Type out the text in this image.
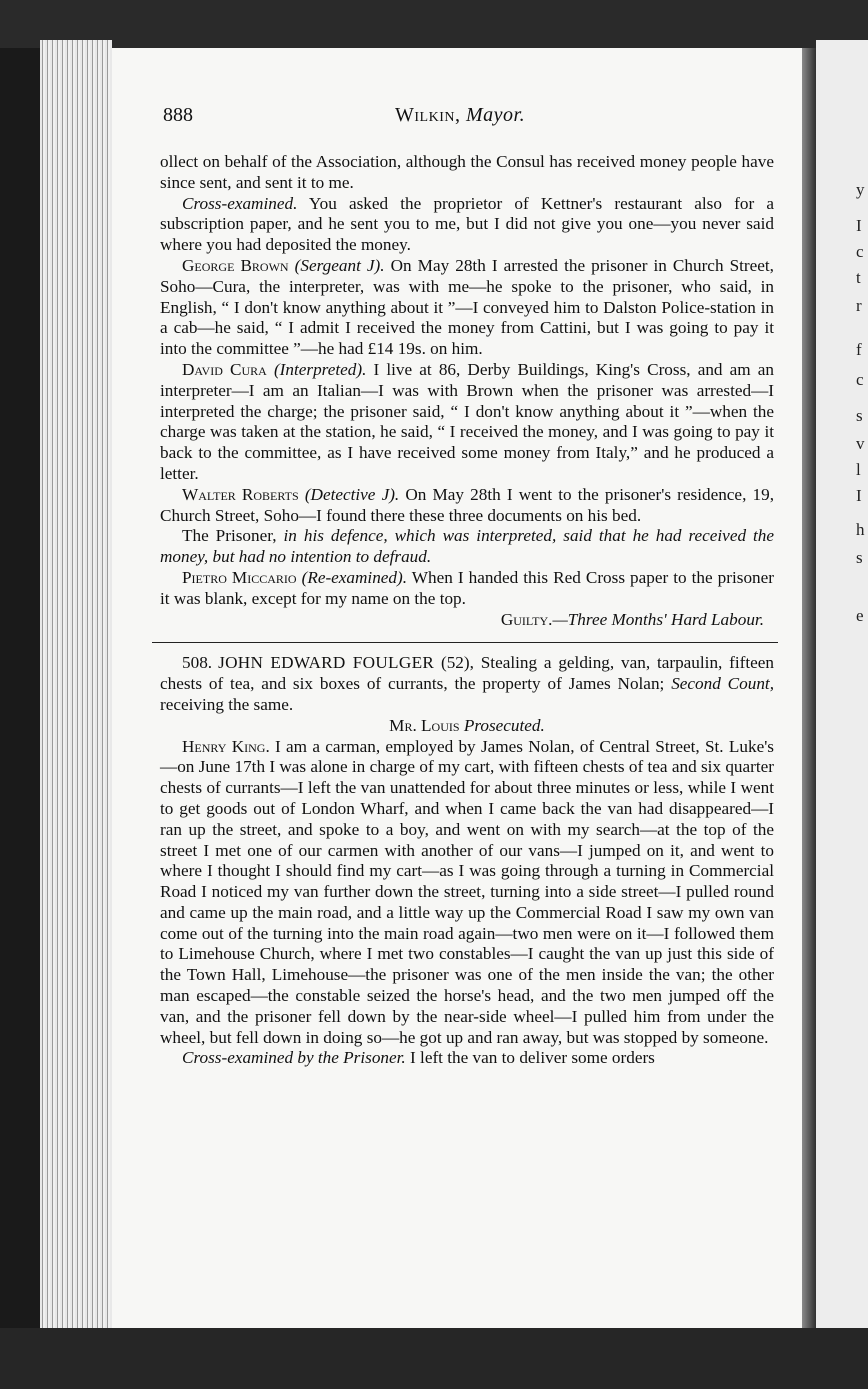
y
I
c
t
r
f
c
s
v
l
I
h
s
e
888	Wilkin, Mayor.

ollect on behalf of the Association, although the Consul has received money people have since sent, and sent it to me.

Cross-examined. You asked the proprietor of Kettner's restaurant also for a subscription paper, and he sent you to me, but I did not give you one—you never said where you had deposited the money.

George Brown (Sergeant J). On May 28th I arrested the prisoner in Church Street, Soho—Cura, the interpreter, was with me—he spoke to the prisoner, who said, in English, “ I don't know anything about it ”—I conveyed him to Dalston Police-station in a cab—he said, “ I admit I received the money from Cattini, but I was going to pay it into the committee ”—he had £14 19s. on him.

David Cura (Interpreted). I live at 86, Derby Buildings, King's Cross, and am an interpreter—I am an Italian—I was with Brown when the prisoner was arrested—I interpreted the charge; the prisoner said, “ I don't know anything about it ”—when the charge was taken at the station, he said, “ I received the money, and I was going to pay it back to the committee, as I have received some money from Italy,” and he produced a letter.

Walter Roberts (Detective J). On May 28th I went to the prisoner's residence, 19, Church Street, Soho—I found there these three documents on his bed.

The Prisoner, in his defence, which was interpreted, said that he had received the money, but had no intention to defraud.

Pietro Miccario (Re-examined). When I handed this Red Cross paper to the prisoner it was blank, except for my name on the top.

Guilty.—Three Months' Hard Labour.

508. JOHN EDWARD FOULGER (52), Stealing a gelding, van, tarpaulin, fifteen chests of tea, and six boxes of currants, the property of James Nolan; Second Count, receiving the same.

Mr. Louis Prosecuted.

Henry King. I am a carman, employed by James Nolan, of Central Street, St. Luke's—on June 17th I was alone in charge of my cart, with fifteen chests of tea and six quarter chests of currants—I left the van unattended for about three minutes or less, while I went to get goods out of London Wharf, and when I came back the van had disappeared—I ran up the street, and spoke to a boy, and went on with my search—at the top of the street I met one of our carmen with another of our vans—I jumped on it, and went to where I thought I should find my cart—as I was going through a turning in Commercial Road I noticed my van further down the street, turning into a side street—I pulled round and came up the main road, and a little way up the Commercial Road I saw my own van come out of the turning into the main road again—two men were on it—I followed them to Limehouse Church, where I met two constables—I caught the van up just this side of the Town Hall, Limehouse—the prisoner was one of the men inside the van; the other man escaped—the constable seized the horse's head, and the two men jumped off the van, and the prisoner fell down by the near-side wheel—I pulled him from under the wheel, but fell down in doing so—he got up and ran away, but was stopped by someone.

Cross-examined by the Prisoner. I left the van to deliver some orders
